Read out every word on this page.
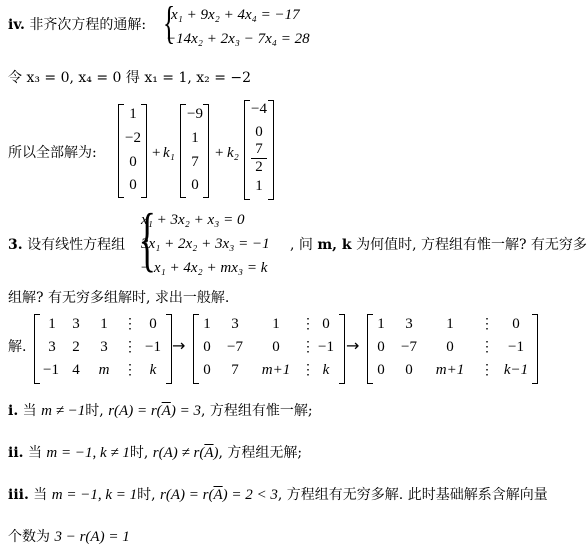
iv. 非齐次方程的通解: {
x₁ + 9x₂ + 4x₄ = −17
−14x₂ + 2x₃ − 7x₄ = 28
令 x₃ = 0, x₄ = 0 得 x₁ = 1, x₂ = −2
所以全部解为:
1
−2
0
0
+ k₁
−9
1
7
0
+ k₂
−4
0
$\frac{7}{2}$
1
{
3. 设有线性方程组
x₁ + 3x₂ + x₃ = 0
3x₁ + 2x₂ + 3x₃ = −1
− x₁ + 4x₂ + mx₃ = k
, 问 m, k 为何值时, 方程组有惟一解? 有无穷多
组解? 有无穷多组解时, 求出一般解.
解.
1	3	1	⋮ 0
3	2	3	⋮ −1
−1 4	m ⋮ k
→
1	3	1	⋮ 0
0	−7	0	⋮ −1
0	7	m+1 ⋮ k
→
1	3	1	⋮	0
0	−7	0	⋮ −1
0	0	m+1	⋮ k−1
i. 当 m ≠ −1时, $r(A) = r(\overline{A}) = 3$, 方程组有惟一解;
ii. 当 m = −1, k ≠ 1时, $r(A) \ne r(\overline{A})$, 方程组无解;
iii. 当 m = −1, k = 1时, $r(A) = r(\overline{A}) = 2 < 3$, 方程组有无穷多解. 此时基础解系含解向量
个数为 3 − r(A) = 1
